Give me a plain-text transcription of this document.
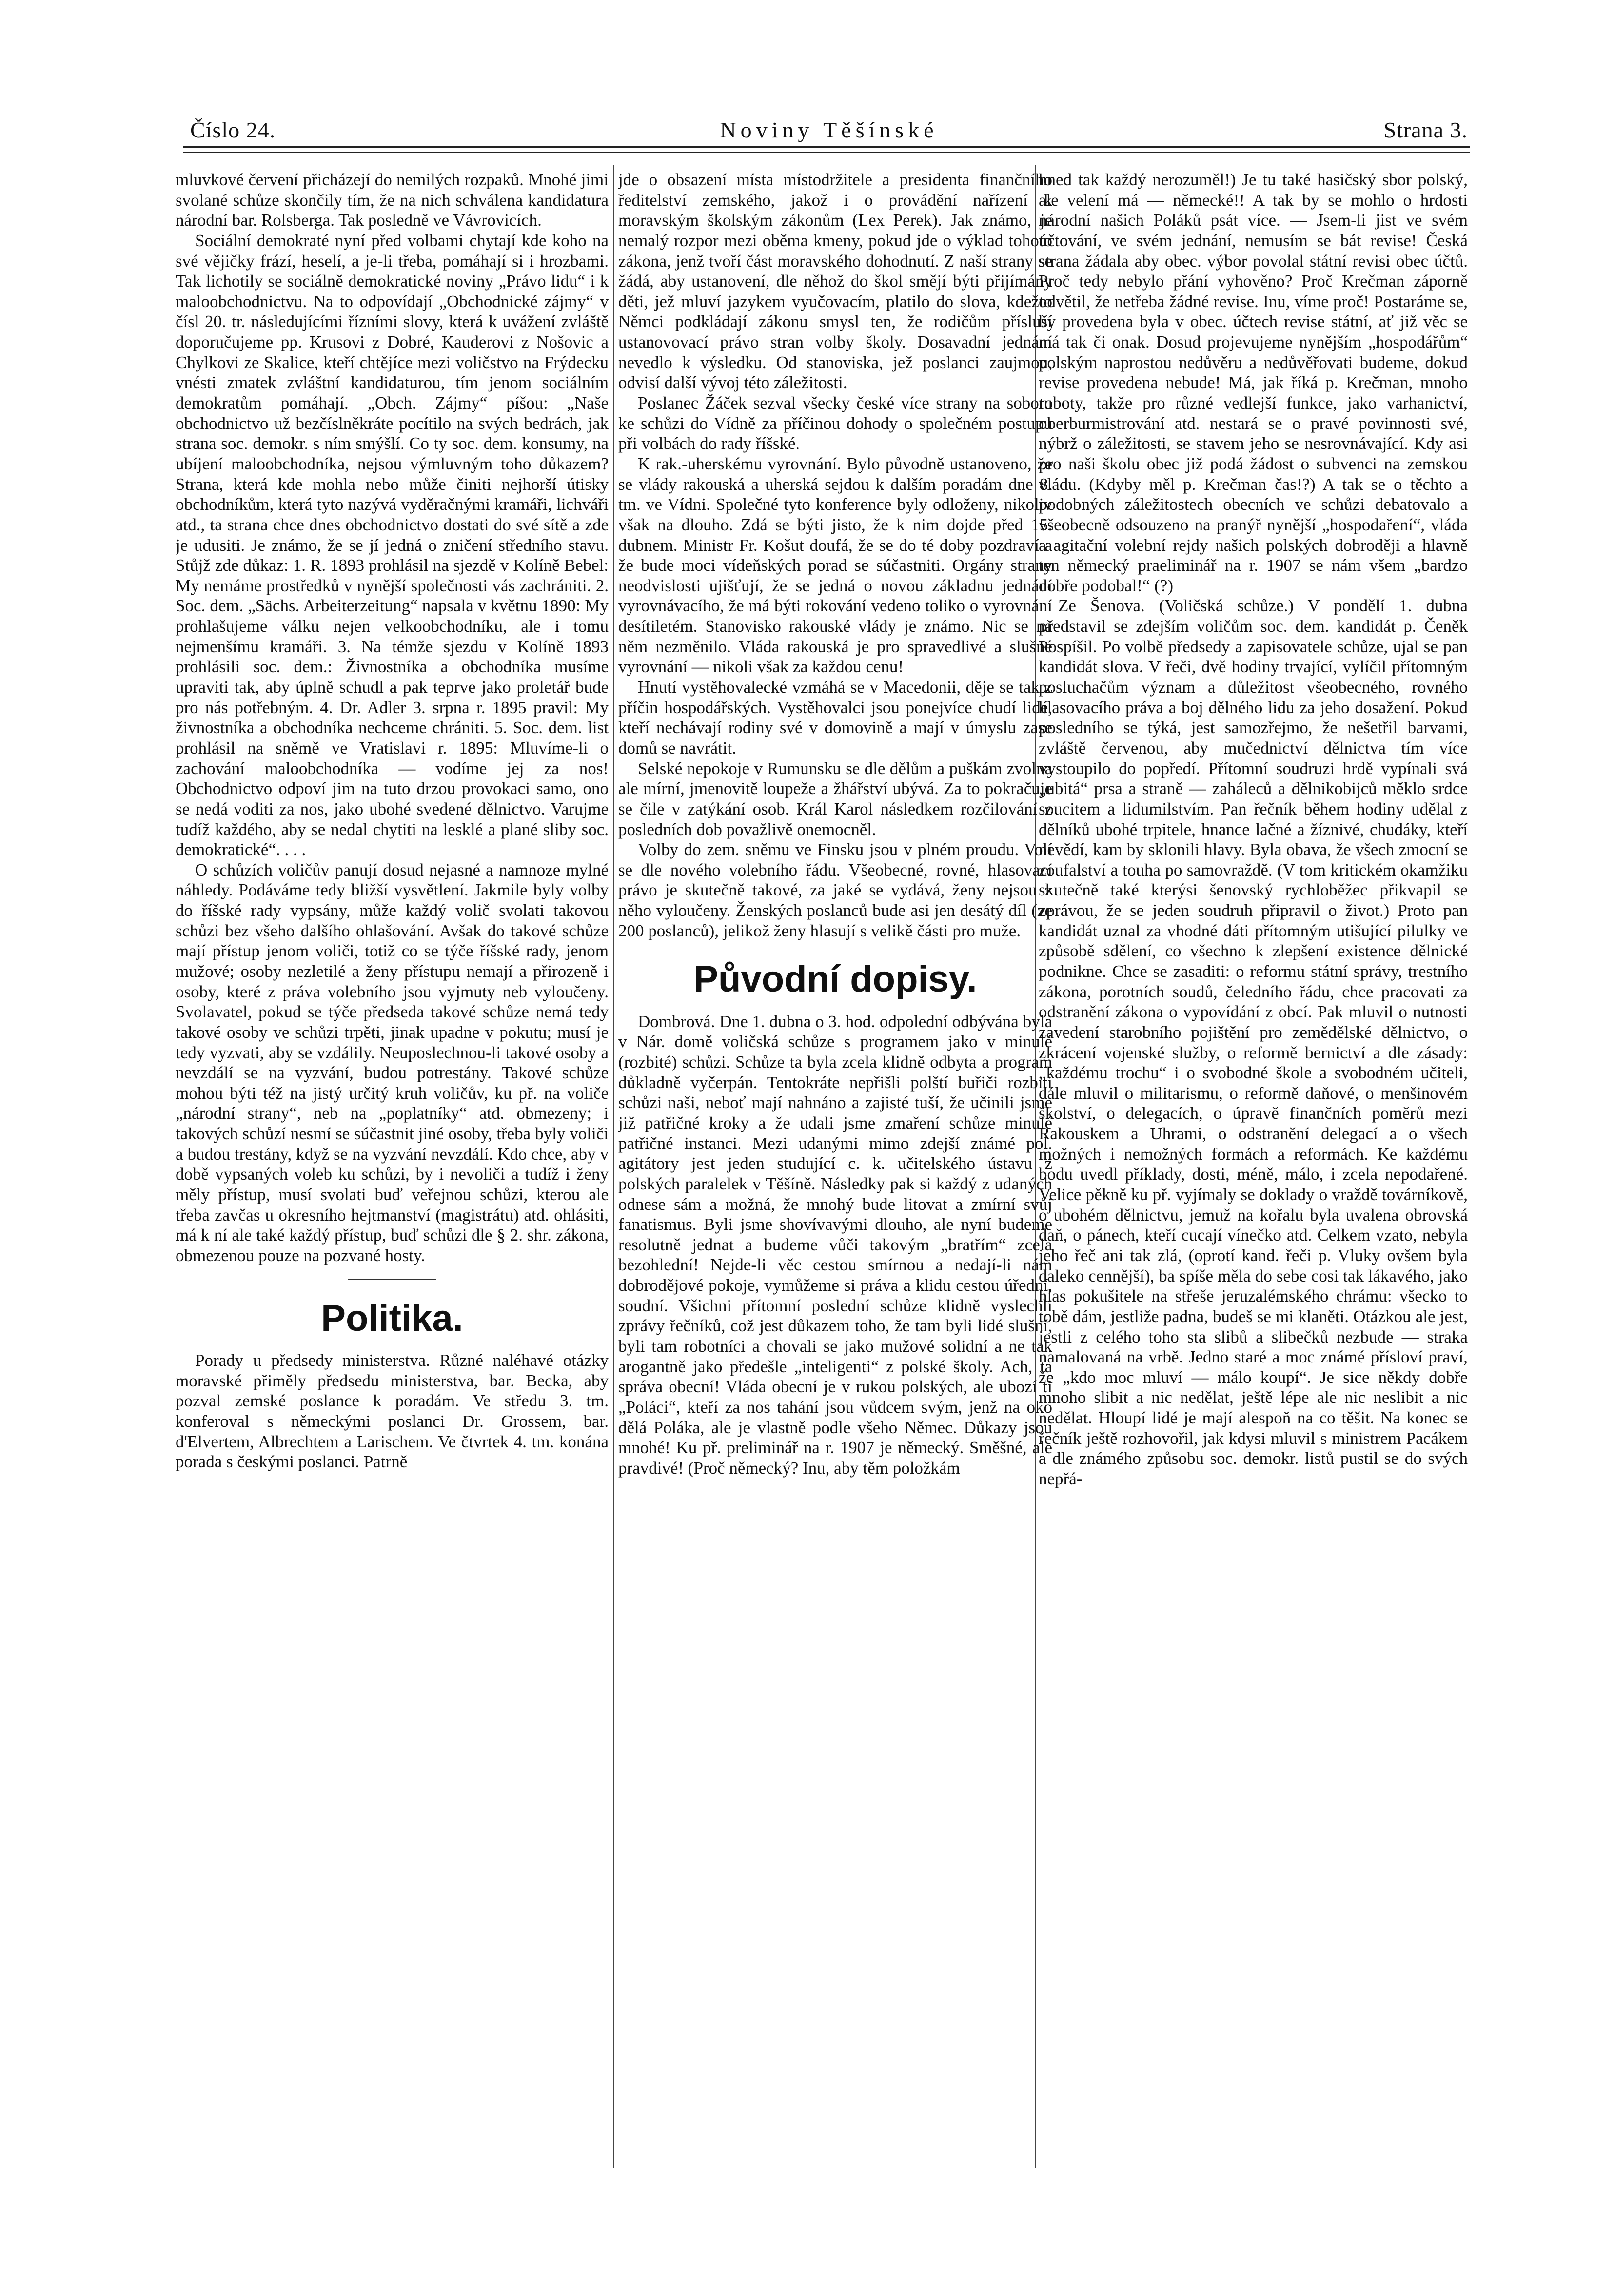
Číslo 24.	Noviny Těšínské	Strana 3.

mluvkové červení přicházejí do nemilých rozpaků. Mnohé jimi svolané schůze skončily tím, že na nich schválena kandidatura národní bar. Rolsberga. Tak posledně ve Vávrovicích.

Sociální demokraté nyní před volbami chytají kde koho na své vějičky frází, heselí, a je-li třeba, pomáhají si i hrozbami. Tak lichotily se sociálně demokratické noviny „Právo lidu“ i k maloobchodnictvu. Na to odpovídají „Obchodnické zájmy“ v čísl 20. tr. následujícími řízními slovy, která k uvážení zvláště doporučujeme pp. Krusovi z Dobré, Kauderovi z Nošovic a Chylkovi ze Skalice, kteří chtějíce mezi voličstvo na Frýdecku vnésti zmatek zvláštní kandidaturou, tím jenom sociálním demokratům pomáhají. „Obch. Zájmy“ píšou: „Naše obchodnictvo už bezčíslněkráte pocítilo na svých bedrách, jak strana soc. demokr. s ním smýšlí. Co ty soc. dem. konsumy, na ubíjení maloobchodníka, nejsou výmluvným toho důkazem? Strana, která kde mohla nebo může činiti nejhorší útisky obchodníkům, která tyto nazývá vyděračnými kramáři, lichváři atd., ta strana chce dnes obchodnictvo dostati do své sítě a zde je udusiti. Je známo, že se jí jedná o zničení středního stavu. Stůjž zde důkaz: 1. R. 1893 prohlásil na sjezdě v Kolíně Bebel: My nemáme prostředků v nynější společnosti vás zachrániti. 2. Soc. dem. „Sächs. Arbeiterzeitung“ napsala v květnu 1890: My prohlašujeme válku nejen velkoobchodníku, ale i tomu nejmenšímu kramáři. 3. Na témže sjezdu v Kolíně 1893 prohlásili soc. dem.: Živnostníka a obchodníka musíme upraviti tak, aby úplně schudl a pak teprve jako proletář bude pro nás potřebným. 4. Dr. Adler 3. srpna r. 1895 pravil: My živnostníka a obchodníka nechceme chrániti. 5. Soc. dem. list prohlásil na sněmě ve Vratislavi r. 1895: Mluvíme-li o zachování maloobchodníka — vodíme jej za nos! Obchodnictvo odpoví jim na tuto drzou provokaci samo, ono se nedá voditi za nos, jako ubohé svedené dělnictvo. Varujme tudíž každého, aby se nedal chytiti na lesklé a plané sliby soc. demokratické“. . . .

O schůzích voličův panují dosud nejasné a namnoze mylné náhledy. Podáváme tedy bližší vysvětlení. Jakmile byly volby do říšské rady vypsány, může každý volič svolati takovou schůzi bez všeho dalšího ohlašování. Avšak do takové schůze mají přístup jenom voliči, totiž co se týče říšské rady, jenom mužové; osoby nezletilé a ženy přístupu nemají a přirozeně i osoby, které z práva volebního jsou vyjmuty neb vyloučeny. Svolavatel, pokud se týče předseda takové schůze nemá tedy takové osoby ve schůzi trpěti, jinak upadne v pokutu; musí je tedy vyzvati, aby se vzdálily. Neuposlechnou-li takové osoby a nevzdálí se na vyzvání, budou potrestány. Takové schůze mohou býti též na jistý určitý kruh voličův, ku př. na voliče „národní strany“, neb na „poplatníky“ atd. obmezeny; i takových schůzí nesmí se súčastnit jiné osoby, třeba byly voliči a budou trestány, když se na vyzvání nevzdálí. Kdo chce, aby v době vypsaných voleb ku schůzi, by i nevoliči a tudíž i ženy měly přístup, musí svolati buď veřejnou schůzi, kterou ale třeba zavčas u okresního hejtmanství (magistrátu) atd. ohlásiti, má k ní ale také každý přístup, buď schůzi dle § 2. shr. zákona, obmezenou pouze na pozvané hosty.

Politika.

Porady u předsedy ministerstva. Různé naléhavé otázky moravské přiměly předsedu ministerstva, bar. Becka, aby pozval zemské poslance k poradám. Ve středu 3. tm. konferoval s německými poslanci Dr. Grossem, bar. d'Elvertem, Albrechtem a Larischem. Ve čtvrtek 4. tm. konána porada s českými poslanci. Patrně

jde o obsazení místa místodržitele a presidenta finančního ředitelství zemského, jakož i o provádění nařízení k moravským školským zákonům (Lex Perek). Jak známo, je nemalý rozpor mezi oběma kmeny, pokud jde o výklad tohoto zákona, jenž tvoří část moravského dohodnutí. Z naší strany se žádá, aby ustanovení, dle něhož do škol smějí býti přijímány děti, jež mluví jazykem vyučovacím, platilo do slova, kdežto Němci podkládají zákonu smysl ten, že rodičům přísluší ustanovovací právo stran volby školy. Dosavadní jednání nevedlo k výsledku. Od stanoviska, jež poslanci zaujmou, odvisí další vývoj této záležitosti.

Poslanec Žáček sezval všecky české více strany na sobotu ke schůzi do Vídně za příčinou dohody o společném postupu při volbách do rady říšské.

K rak.-uherskému vyrovnání. Bylo původně ustanoveno, že se vlády rakouská a uherská sejdou k dalším poradám dne 8. tm. ve Vídni. Společné tyto konference byly odloženy, nikoliv však na dlouho. Zdá se býti jisto, že k nim dojde před 15. dubnem. Ministr Fr. Košut doufá, že se do té doby pozdraví a že bude moci vídeňských porad se súčastniti. Orgány strany neodvislosti ujišťují, že se jedná o novou základnu jednání vyrovnávacího, že má býti rokování vedeno toliko o vyrovnání desítiletém. Stanovisko rakouské vlády je známo. Nic se na něm nezměnilo. Vláda rakouská je pro spravedlivé a slušné vyrovnání — nikoli však za každou cenu!

Hnutí vystěhovalecké vzmáhá se v Macedonii, děje se tak z příčin hospodářských. Vystěhovalci jsou ponejvíce chudí lidé, kteří nechávají rodiny své v domovině a mají v úmyslu zase domů se navrátit.

Selské nepokoje v Rumunsku se dle dělům a puškám zvolna ale mírní, jmenovitě loupeže a žhářství ubývá. Za to pokračuje se čile v zatýkání osob. Král Karol následkem rozčilování z posledních dob považlivě onemocněl.

Volby do zem. sněmu ve Finsku jsou v plném proudu. Volí se dle nového volebního řádu. Všeobecné, rovné, hlasovací právo je skutečně takové, za jaké se vydává, ženy nejsou z něho vyloučeny. Ženských poslanců bude asi jen desátý díl (ze 200 poslanců), jelikož ženy hlasují s velikě části pro muže.

Původní dopisy.

Dombrová. Dne 1. dubna o 3. hod. odpolední odbývána byla v Nár. domě voličská schůze s programem jako v minulé (rozbité) schůzi. Schůze ta byla zcela klidně odbyta a program důkladně vyčerpán. Tentokráte nepřišli polští buřiči rozbiti schůzi naši, neboť mají nahnáno a zajisté tuší, že učinili jsme již patřičné kroky a že udali jsme zmaření schůze minulé patřičné instanci. Mezi udanými mimo zdejší známé pol. agitátory jest jeden studující c. k. učitelského ústavu z polských paralelek v Těšíně. Následky pak si každý z udaných odnese sám a možná, že mnohý bude litovat a zmírní svůj fanatismus. Byli jsme shovívavými dlouho, ale nyní budeme resolutně jednat a budeme vůči takovým „bratřím“ zcela bezohlední! Nejde-li věc cestou smírnou a nedají-li nám dobrodějové pokoje, vymůžeme si práva a klidu cestou úřední, soudní. Všichni přítomní poslední schůze klidně vyslechli zprávy řečníků, což jest důkazem toho, že tam byli lidé slušní, byli tam robotníci a chovali se jako mužové solidní a ne tak arogantně jako předešle „inteligenti“ z polské školy. Ach, ta správa obecní! Vláda obecní je v rukou polských, ale ubozí ti „Poláci“, kteří za nos tahání jsou vůdcem svým, jenž na oko dělá Poláka, ale je vlastně podle všeho Němec. Důkazy jsou mnohé! Ku př. preliminář na r. 1907 je německý. Směšné, ale pravdivé! (Proč německý? Inu, aby těm položkám

hned tak každý nerozuměl!) Je tu také hasičský sbor polský, ale velení má — německé!! A tak by se mohlo o hrdosti národní našich Poláků psát více. — Jsem-li jist ve svém účtování, ve svém jednání, nemusím se bát revise! Česká strana žádala aby obec. výbor povolal státní revisi obec účtů. Proč tedy nebylo přání vyhověno? Proč Krečman záporně odvětil, že netřeba žádné revise. Inu, víme proč! Postaráme se, by provedena byla v obec. účtech revise státní, ať již věc se má tak či onak. Dosud projevujeme nynějším „hospodářům“ polským naprostou nedůvěru a nedůvěřovati budeme, dokud revise provedena nebude! Má, jak říká p. Krečman, mnoho roboty, takže pro různé vedlejší funkce, jako varhanictví, oberburmistrování atd. nestará se o pravé povinnosti své, nýbrž o záležitosti, se stavem jeho se nesrovnávající. Kdy asi pro naši školu obec již podá žádost o subvenci na zemskou vládu. (Kdyby měl p. Krečman čas!?) A tak se o těchto a podobných záležitostech obecních ve schůzi debatovalo a všeobecně odsouzeno na pranýř nynější „hospodaření“, vláda a agitační volební rejdy našich polských dobroději a hlavně ten německý praeliminář na r. 1907 se nám všem „bardzo dobře podobal!“ (?)

Ze Šenova. (Voličská schůze.) V pondělí 1. dubna představil se zdejším voličům soc. dem. kandidát p. Čeněk Pospíšil. Po volbě předsedy a zapisovatele schůze, ujal se pan kandidát slova. V řeči, dvě hodiny trvající, vylíčil přítomným posluchačům význam a důležitost všeobecného, rovného hlasovacího práva a boj dělného lidu za jeho dosažení. Pokud posledního se týká, jest samozřejmo, že nešetřil barvami, zvláště červenou, aby mučednictví dělnictva tím více vystoupilo do popředí. Přítomní soudruzi hrdě vypínali svá „ubitá“ prsa a straně — zaháleců a dělnikobijců měklo srdce soucitem a lidumilstvím. Pan řečník během hodiny udělal z dělníků ubohé trpitele, hnance lačné a žíznivé, chudáky, kteří nevědí, kam by sklonili hlavy. Byla obava, že všech zmocní se zoufalství a touha po samovraždě. (V tom kritickém okamžiku skutečně také kterýsi šenovský rychloběžec přikvapil se zprávou, že se jeden soudruh připravil o život.) Proto pan kandidát uznal za vhodné dáti přítomným utišující pilulky ve způsobě sdělení, co všechno k zlepšení existence dělnické podnikne. Chce se zasaditi: o reformu státní správy, trestního zákona, porotních soudů, čeledního řádu, chce pracovati za odstranění zákona o vypovídání z obcí. Pak mluvil o nutnosti zavedení starobního pojištění pro zemědělské dělnictvo, o zkrácení vojenské služby, o reformě bernictví a dle zásady: „každému trochu“ i o svobodné škole a svobodném učiteli, dále mluvil o militarismu, o reformě daňové, o menšinovém školství, o delegacích, o úpravě finančních poměrů mezi Rakouskem a Uhrami, o odstranění delegací a o všech možných i nemožných formách a reformách. Ke každému bodu uvedl příklady, dosti, méně, málo, i zcela nepodařené. Velice pěkně ku př. vyjímaly se doklady o vraždě továrníkově, o ubohém dělnictvu, jemuž na kořalu byla uvalena obrovská daň, o pánech, kteří cucají vínečko atd. Celkem vzato, nebyla jeho řeč ani tak zlá, (oprotí kand. řeči p. Vluky ovšem byla daleko cennější), ba spíše měla do sebe cosi tak lákavého, jako hlas pokušitele na střeše jeruzalémského chrámu: všecko to tobě dám, jestliže padna, budeš se mi klaněti. Otázkou ale jest, jestli z celého toho sta slibů a slibečků nezbude — straka namalovaná na vrbě. Jedno staré a moc známé přísloví praví, že „kdo moc mluví — málo koupí“. Je sice někdy dobře mnoho slibit a nic nedělat, ještě lépe ale nic neslibit a nic nedělat. Hloupí lidé je mají alespoň na co těšit. Na konec se řečník ještě rozhovořil, jak kdysi mluvil s ministrem Pacákem a dle známého způsobu soc. demokr. listů pustil se do svých nepřá-
